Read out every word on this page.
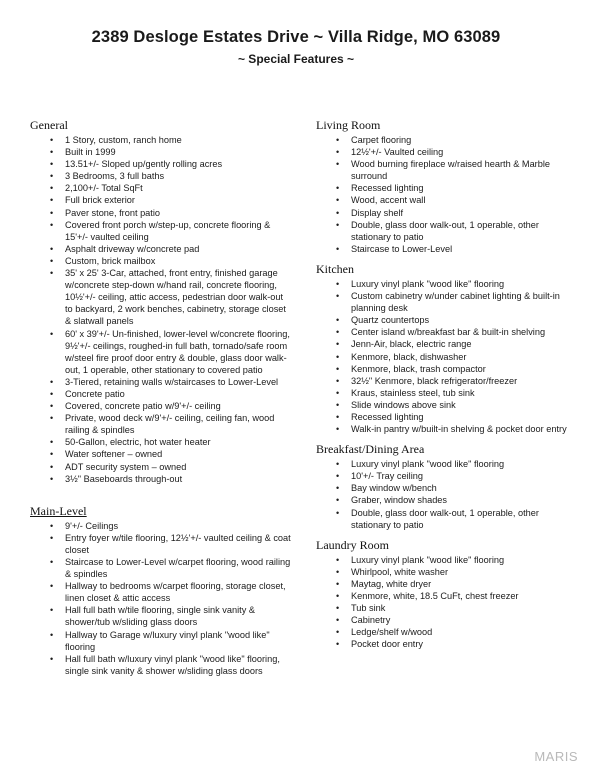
2389 Desloge Estates Drive ~ Villa Ridge, MO 63089
~ Special Features ~
General
• 1 Story, custom, ranch home
• Built in 1999
• 13.51+/- Sloped up/gently rolling acres
• 3 Bedrooms, 3 full baths
• 2,100+/- Total SqFt
• Full brick exterior
• Paver stone, front patio
• Covered front porch w/step-up, concrete flooring & 15'+/- vaulted ceiling
• Asphalt driveway w/concrete pad
• Custom, brick mailbox
• 35' x 25' 3-Car, attached, front entry, finished garage w/concrete step-down w/hand rail, concrete flooring, 10½'+/- ceiling, attic access, pedestrian door walk-out to backyard, 2 work benches, cabinetry, storage closet & slatwall panels
• 60' x 39'+/- Un-finished, lower-level w/concrete flooring, 9½'+/- ceilings, roughed-in full bath, tornado/safe room w/steel fire proof door entry & double, glass door walk-out, 1 operable, other stationary to covered patio
• 3-Tiered, retaining walls w/staircases to Lower-Level
• Concrete patio
• Covered, concrete patio w/9'+/- ceiling
• Private, wood deck w/9'+/- ceiling, ceiling fan, wood railing & spindles
• 50-Gallon, electric, hot water heater
• Water softener – owned
• ADT security system – owned
• 3½" Baseboards through-out
Main-Level
• 9'+/- Ceilings
• Entry foyer w/tile flooring, 12½'+/- vaulted ceiling & coat closet
• Staircase to Lower-Level w/carpet flooring, wood railing & spindles
• Hallway to bedrooms w/carpet flooring, storage closet, linen closet & attic access
• Hall full bath w/tile flooring, single sink vanity & shower/tub w/sliding glass doors
• Hallway to Garage w/luxury vinyl plank "wood like" flooring
• Hall full bath w/luxury vinyl plank "wood like" flooring, single sink vanity & shower w/sliding glass doors
Living Room
• Carpet flooring
• 12½'+/- Vaulted ceiling
• Wood burning fireplace w/raised hearth & Marble surround
• Recessed lighting
• Wood, accent wall
• Display shelf
• Double, glass door walk-out, 1 operable, other stationary to patio
• Staircase to Lower-Level
Kitchen
• Luxury vinyl plank "wood like" flooring
• Custom cabinetry w/under cabinet lighting & built-in planning desk
• Quartz countertops
• Center island w/breakfast bar & built-in shelving
• Jenn-Air, black, electric range
• Kenmore, black, dishwasher
• Kenmore, black, trash compactor
• 32½" Kenmore, black refrigerator/freezer
• Kraus, stainless steel, tub sink
• Slide windows above sink
• Recessed lighting
• Walk-in pantry w/built-in shelving & pocket door entry
Breakfast/Dining Area
• Luxury vinyl plank "wood like" flooring
• 10'+/- Tray ceiling
• Bay window w/bench
• Graber, window shades
• Double, glass door walk-out, 1 operable, other stationary to patio
Laundry Room
• Luxury vinyl plank "wood like" flooring
• Whirlpool, white washer
• Maytag, white dryer
• Kenmore, white, 18.5 CuFt, chest freezer
• Tub sink
• Cabinetry
• Ledge/shelf w/wood
• Pocket door entry
MARIS
